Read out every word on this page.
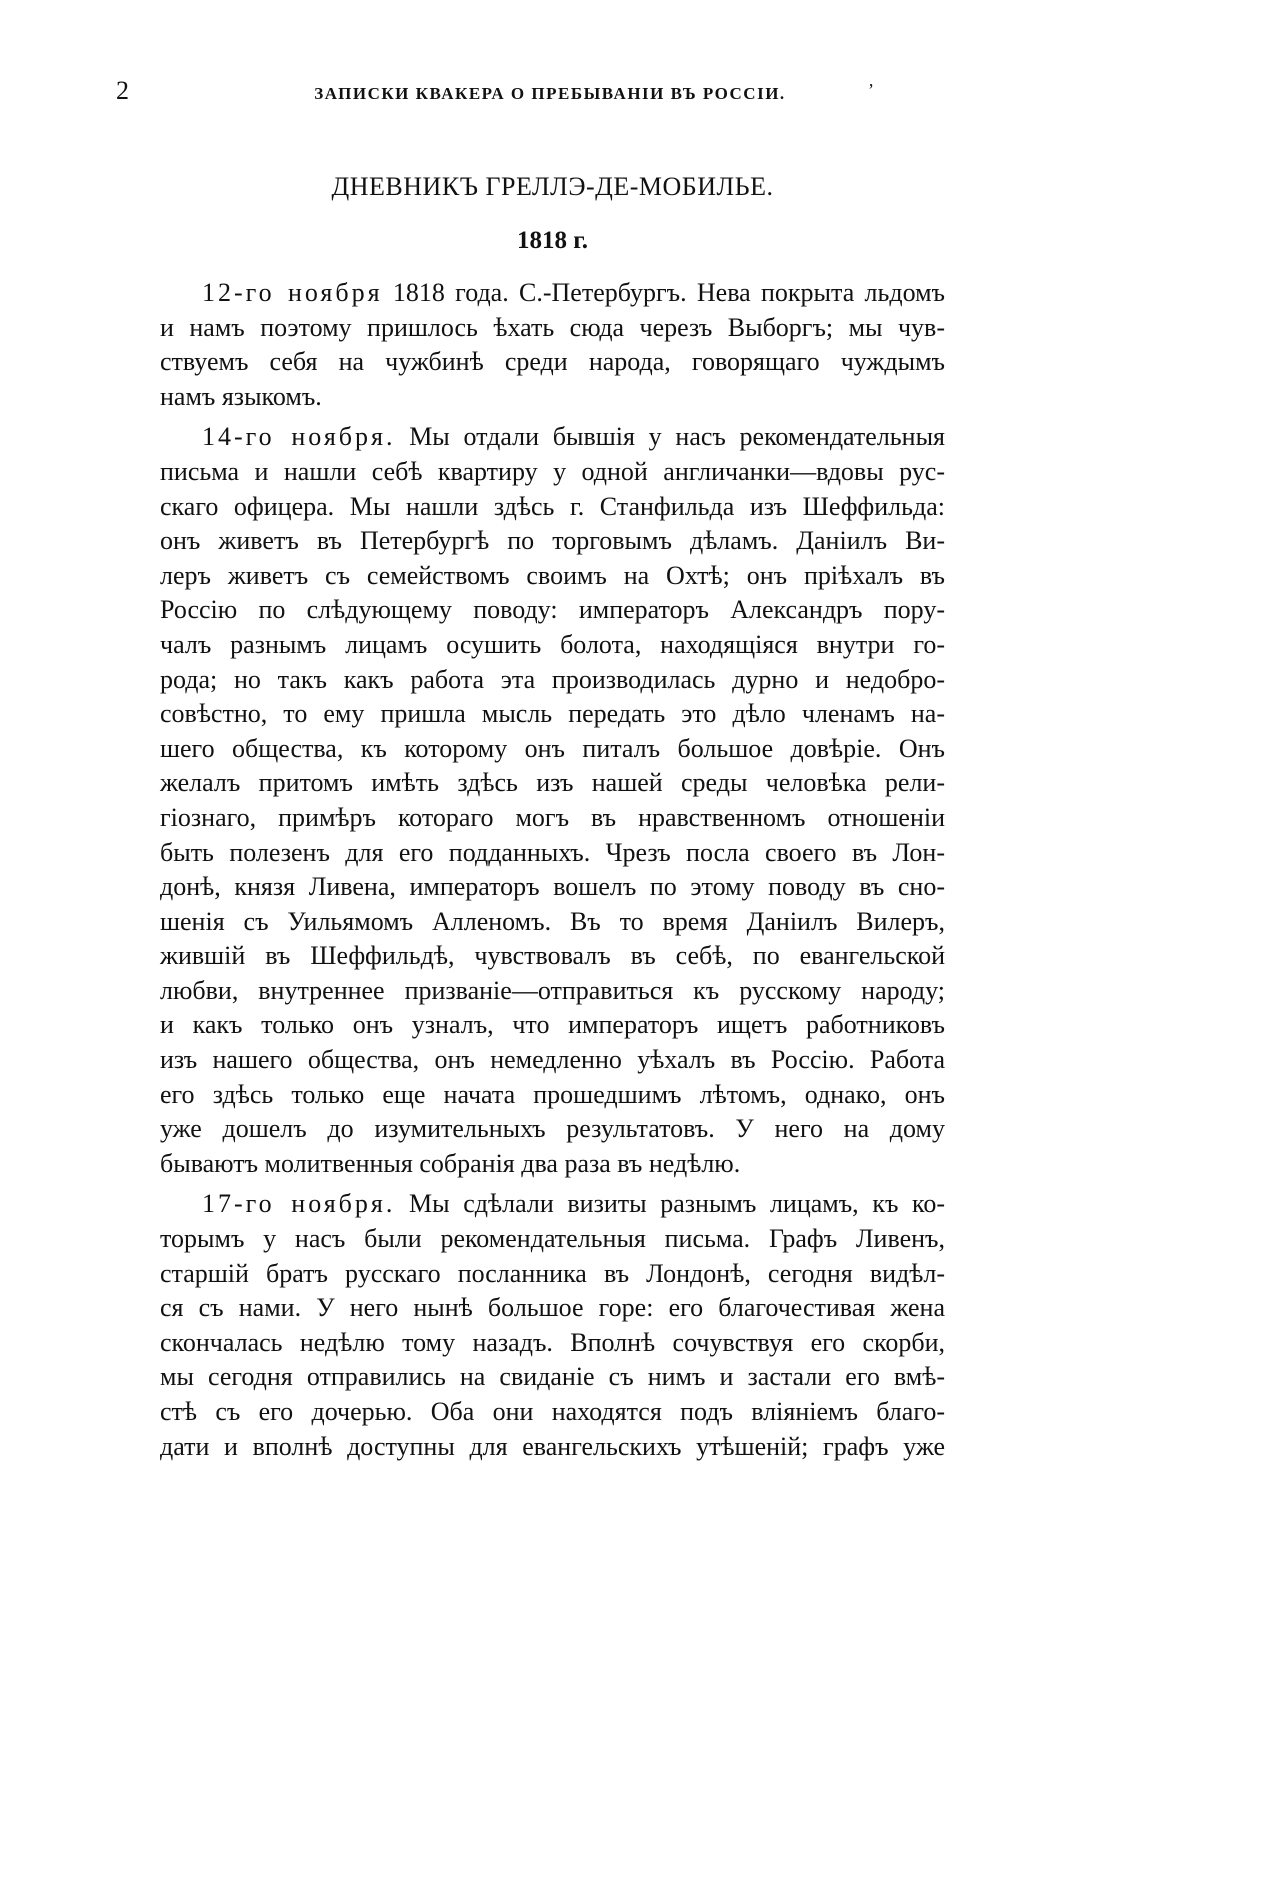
2	ЗАПИСКИ КВАКЕРА О ПРЕБЫВАНІИ ВЪ РОССІИ.	’
ДНЕВНИКЪ ГРЕЛЛЭ-ДЕ-МОБИЛЬЕ.
1818 г.
12-го ноября 1818 года. С.-Петербургъ. Нева покрыта льдомъ
и намъ поэтому пришлось ѣхать сюда черезъ Выборгъ; мы чув-
ствуемъ себя на чужбинѣ среди народа, говорящаго чуждымъ
намъ языкомъ.
14-го ноября. Мы отдали бывшія у насъ рекомендательныя
письма и нашли себѣ квартиру у одной англичанки—вдовы рус-
скаго офицера. Мы нашли здѣсь г. Станфильда изъ Шеффильда:
онъ живетъ въ Петербургѣ по торговымъ дѣламъ. Даніилъ Ви-
леръ живетъ съ семействомъ своимъ на Охтѣ; онъ пріѣхалъ въ
Россію по слѣдующему поводу: императоръ Александръ пору-
чалъ разнымъ лицамъ осушить болота, находящіяся внутри го-
рода; но такъ какъ работа эта производилась дурно и недобро-
совѣстно, то ему пришла мысль передать это дѣло членамъ на-
шего общества, къ которому онъ питалъ большое довѣріе. Онъ
желалъ притомъ имѣть здѣсь изъ нашей среды человѣка рели-
гіознаго, примѣръ котораго могъ въ нравственномъ отношеніи
быть полезенъ для его подданныхъ. Чрезъ посла своего въ Лон-
донѣ, князя Ливена, императоръ вошелъ по этому поводу въ сно-
шенія съ Уильямомъ Алленомъ. Въ то время Даніилъ Вилеръ,
жившій въ Шеффильдѣ, чувствовалъ въ себѣ, по евангельской
любви, внутреннее призваніе—отправиться къ русскому народу;
и какъ только онъ узналъ, что императоръ ищетъ работниковъ
изъ нашего общества, онъ немедленно уѣхалъ въ Россію. Работа
его здѣсь только еще начата прошедшимъ лѣтомъ, однако, онъ
уже дошелъ до изумительныхъ результатовъ. У него на дому
бываютъ молитвенныя собранія два раза въ недѣлю.
17-го ноября. Мы сдѣлали визиты разнымъ лицамъ, къ ко-
торымъ у насъ были рекомендательныя письма. Графъ Ливенъ,
старшій братъ русскаго посланника въ Лондонѣ, сегодня видѣл-
ся съ нами. У него нынѣ большое горе: его благочестивая жена
скончалась недѣлю тому назадъ. Вполнѣ сочувствуя его скорби,
мы сегодня отправились на свиданіе съ нимъ и застали его вмѣ-
стѣ съ его дочерью. Оба они находятся подъ вліяніемъ благо-
дати и вполнѣ доступны для евангельскихъ утѣшеній; графъ уже
